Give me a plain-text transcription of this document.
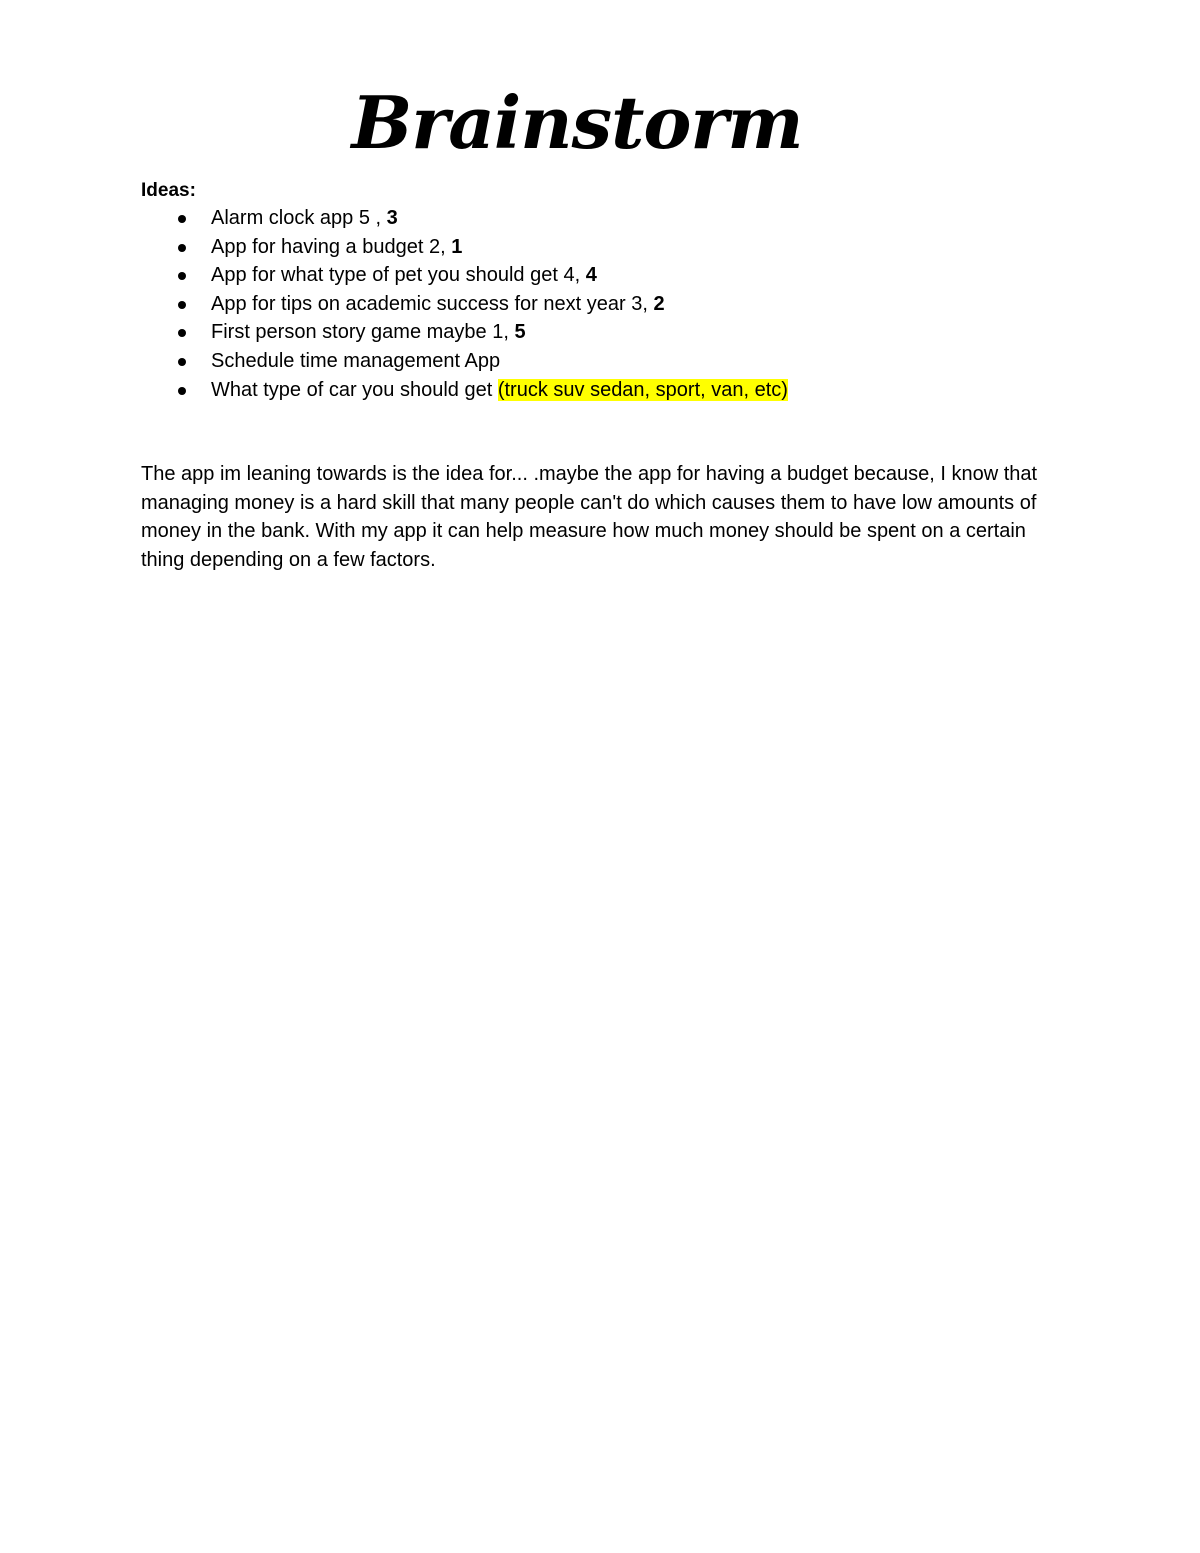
Brainstorm
Ideas:
Alarm clock app 5 , 3
App for having a budget 2, 1
App for what type of pet you should get 4, 4
App for tips on academic success for next year 3, 2
First person story game maybe 1, 5
Schedule time management App
What type of car you should get (truck suv sedan, sport, van, etc)

The app im leaning towards is the idea for... .maybe the app for having a budget because, I know that managing money is a hard skill that many people can't do which causes them to have low amounts of money in the bank. With my app it can help measure how much money should be spent on a certain thing depending on a few factors.
